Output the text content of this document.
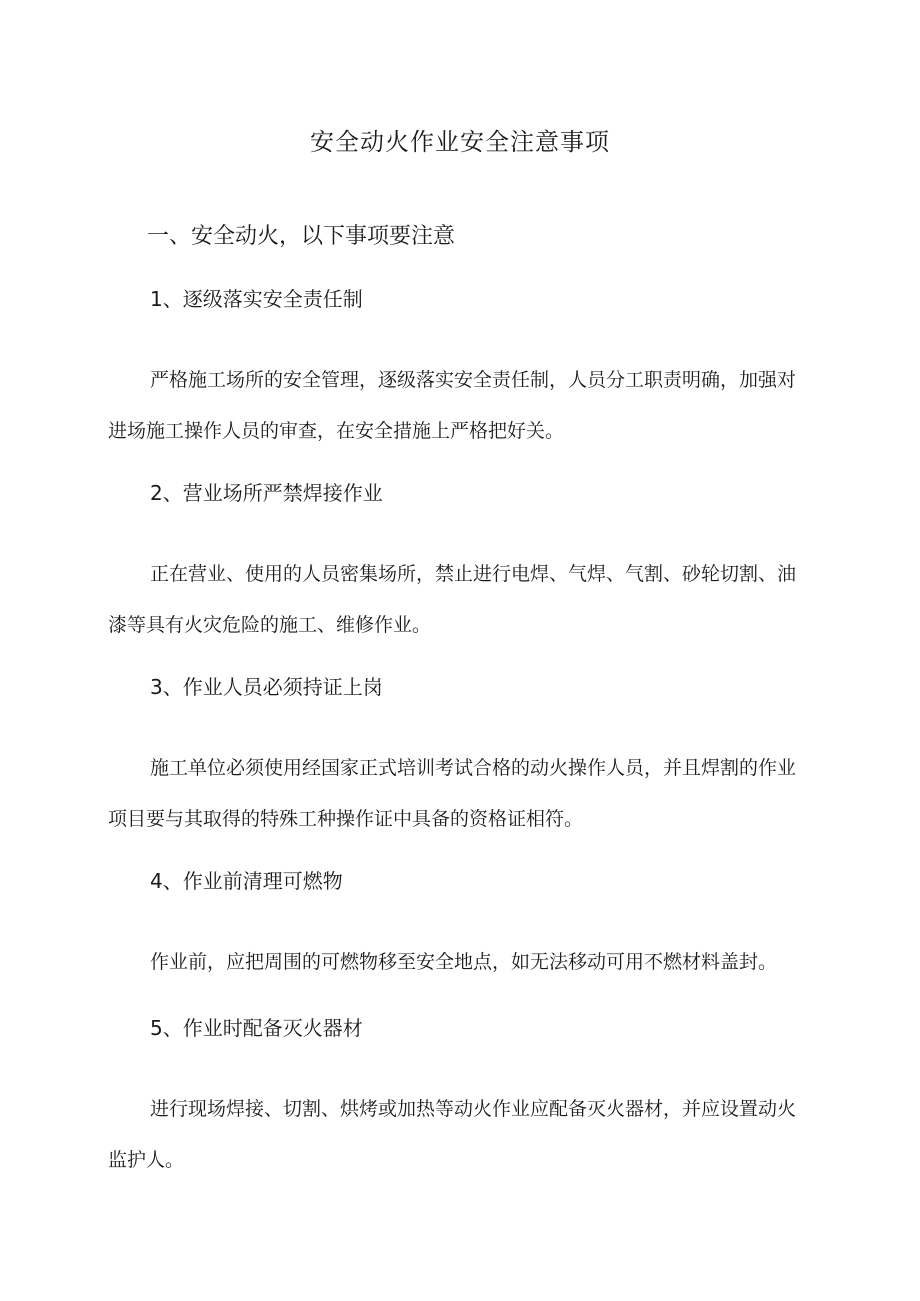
安全动火作业安全注意事项
一、安全动火，以下事项要注意
1、逐级落实安全责任制
严格施工场所的安全管理，逐级落实安全责任制，人员分工职责明确，加强对进场施工操作人员的审查，在安全措施上严格把好关。
2、营业场所严禁焊接作业
正在营业、使用的人员密集场所，禁止进行电焊、气焊、气割、砂轮切割、油漆等具有火灾危险的施工、维修作业。
3、作业人员必须持证上岗
施工单位必须使用经国家正式培训考试合格的动火操作人员，并且焊割的作业项目要与其取得的特殊工种操作证中具备的资格证相符。
4、作业前清理可燃物
作业前，应把周围的可燃物移至安全地点，如无法移动可用不燃材料盖封。
5、作业时配备灭火器材
进行现场焊接、切割、烘烤或加热等动火作业应配备灭火器材，并应设置动火监护人。
